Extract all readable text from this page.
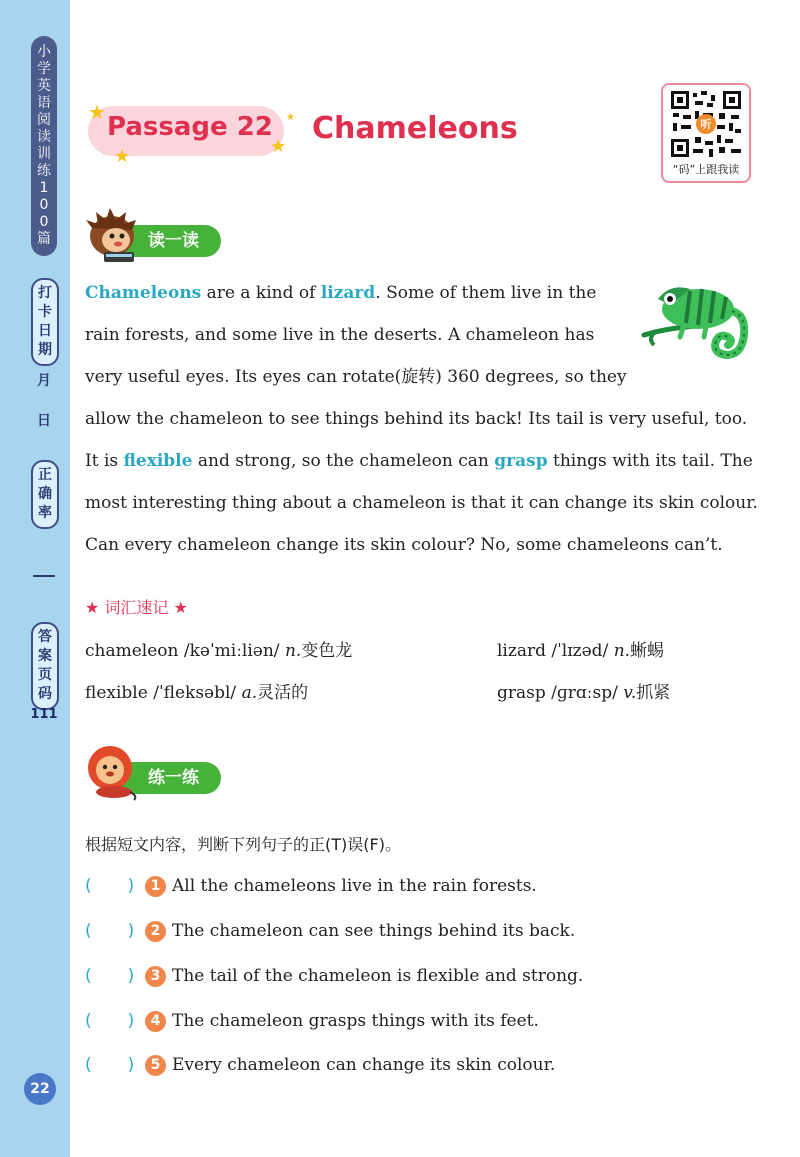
小
学
英
语
阅
读
训
练
1
0
0
篇
打
卡
日
期
月
日
正
确
率
答
案
页
码
111
22
★
★	★
★
Passage 22 Chameleons	听
“码”上跟我读
读一读
Chameleons are a kind of lizard. Some of them live in the
rain forests, and some live in the deserts. A chameleon has
very useful eyes. Its eyes can rotate(旋转) 360 degrees, so they
allow the chameleon to see things behind its back! Its tail is very useful, too.
It is flexible and strong, so the chameleon can grasp things with its tail. The
most interesting thing about a chameleon is that it can change its skin colour.
Can every chameleon change its skin colour? No, some chameleons can’t.
★ 词汇速记 ★
chameleon /kəˈmiːliən/ n.变色龙	lizard /ˈlɪzəd/ n.蜥蜴
flexible /ˈfleksəbl/ a.灵活的	grasp /ɡrɑːsp/ v.抓紧
练一练
根据短文内容，判断下列句子的正(T)误(F)。
( ) 1 All the chameleons live in the rain forests.
( ) 2 The chameleon can see things behind its back.
( ) 3 The tail of the chameleon is flexible and strong.
( ) 4 The chameleon grasps things with its feet.
( ) 5 Every chameleon can change its skin colour.
